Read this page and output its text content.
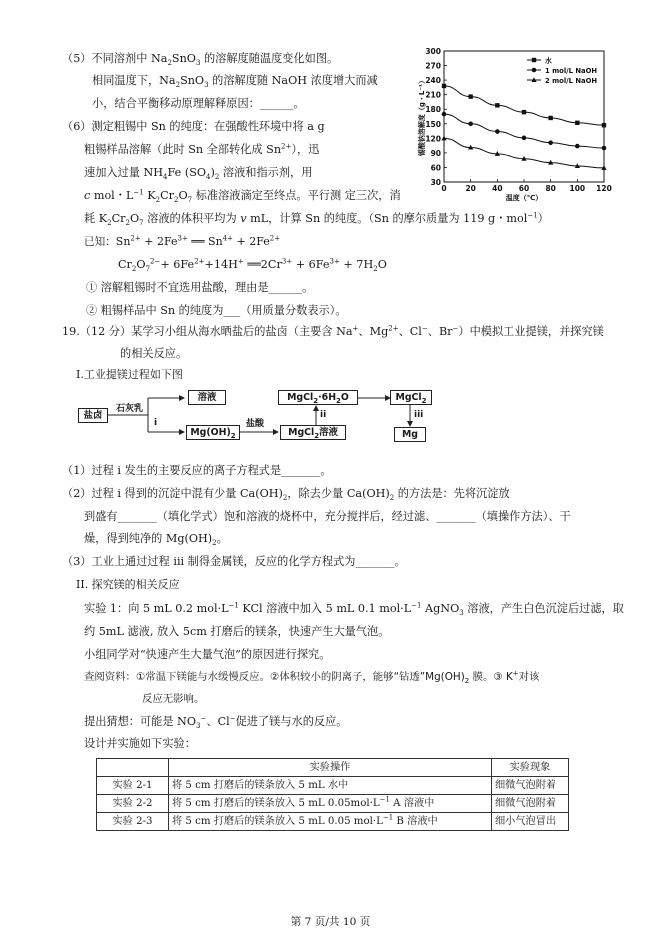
（5）不同溶剂中 $Na_2SnO_3$ 的溶解度随温度变化如图。
相同温度下，$Na_2SnO_3$ 的溶解度随 NaOH 浓度增大而减
小，结合平衡移动原理解释原因：______。
（6）测定粗锡中 Sn 的纯度：在强酸性环境中将 a g
粗锡样品溶解（此时 Sn 全部转化成 $Sn^{2+}$），迅
速加入过量 $NH_4Fe$ $(SO_4)_2$ 溶液和指示剂，用
c mol・$L^{-1}$ $K_2Cr_2O_7$ 标准溶液滴定至终点。平行测 定三次，消
耗 $K_2Cr_2O_7$ 溶液的体积平均为 v mL，计算 Sn 的纯度。（Sn 的摩尔质量为 119 g・mol$^{-1}$）
已知：$Sn^{2+} + 2Fe^{3+}$ ══ $Sn^{4+} + 2Fe^{2+}$
$Cr_2O_7^{2-}+ 6Fe^{2+}+14H^+$ $══2Cr^{3+} + 6Fe^{3+} + 7H_2O$
① 溶解粗锡时不宜选用盐酸，理由是______。
② 粗锡样品中 Sn 的纯度为___（用质量分数表示）。
30
60
90
120
150
180
210
240
270
300
0	20 40 60 80 100 120
温度（℃）
锡酸钠溶解度（g・L⁻¹）
水
1 mol/L NaOH
2 mol/L NaOH
19.（12 分）某学习小组从海水晒盐后的盐卤（主要含 Na+、$Mg^{2+}$、Cl−、Br−）中模拟工业提镁，并探究镁
的相关反应。
I.工业提镁过程如下图
盐卤
石灰乳
i
溶液
$Mg(OH)_2$
盐酸
MgCl$_2$溶液
ii
$MgCl_2\cdot 6H_2O$	MgCl$_2$
iii
Mg
（1）过程 i 发生的主要反应的离子方程式是_______。
（2）过程 i 得到的沉淀中混有少量 $Ca(OH)_2$，除去少量 $Ca(OH)_2$ 的方法是：先将沉淀放
到盛有_______（填化学式）饱和溶液的烧杯中，充分搅拌后，经过滤、_______（填操作方法）、干
燥，得到纯净的 $Mg(OH)_2$。
（3）工业上通过过程 iii 制得金属镁，反应的化学方程式为_______。
II. 探究镁的相关反应
实验 1：向 5 mL 0.2 $mol\cdot L^{-1}$ KCl 溶液中加入 5 mL 0.1 $mol\cdot L^{-1}$ AgNO$_3$ 溶液，产生白色沉淀后过滤，取
约 5mL 滤液, 放入 5cm 打磨后的镁条，快速产生大量气泡。
小组同学对“快速产生大量气泡”的原因进行探究。
查阅资料：①常温下镁能与水缓慢反应。②体积较小的阴离子，能够“钻透$”Mg(OH)_2$ 膜。③ K+对该
反应无影响。
提出猜想：可能是 $NO_3^-$、Cl−促进了镁与水的反应。
设计并实施如下实验：
	实验操作	实验现象
实验 2-1	将 5 cm 打磨后的镁条放入 5 mL 水中	细微气泡附着
实验 2-2	将 5 cm 打磨后的镁条放入 5 mL $0.05mol\cdot L^{-1}$ A 溶液中	细微气泡附着
实验 2-3	将 5 cm 打磨后的镁条放入 5 mL 0.05 $mol\cdot L^{-1}$ B 溶液中	细小气泡冒出
第 7 页/共 10 页
